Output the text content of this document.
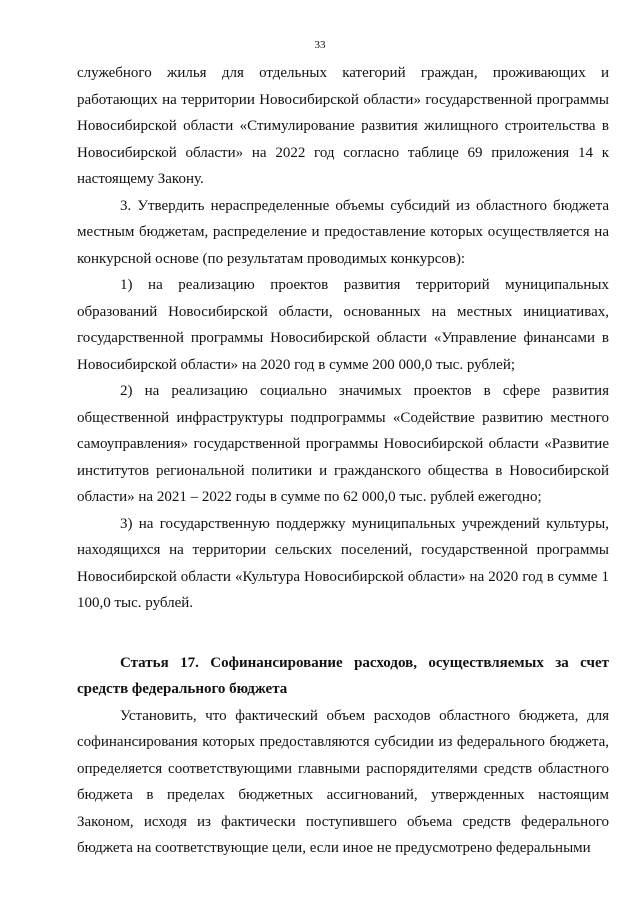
33

служебного жилья для отдельных категорий граждан, проживающих и работающих на территории Новосибирской области» государственной программы Новосибирской области «Стимулирование развития жилищного строительства в Новосибирской области» на 2022 год согласно таблице 69 приложения 14 к настоящему Закону.

3. Утвердить нераспределенные объемы субсидий из областного бюджета местным бюджетам, распределение и предоставление которых осуществляется на конкурсной основе (по результатам проводимых конкурсов):

1) на реализацию проектов развития территорий муниципальных образований Новосибирской области, основанных на местных инициативах, государственной программы Новосибирской области «Управление финансами в Новосибирской области» на 2020 год в сумме 200 000,0 тыс. рублей;

2) на реализацию социально значимых проектов в сфере развития общественной инфраструктуры подпрограммы «Содействие развитию местного самоуправления» государственной программы Новосибирской области «Развитие институтов региональной политики и гражданского общества в Новосибирской области» на 2021 – 2022 годы в сумме по 62 000,0 тыс. рублей ежегодно;

3) на государственную поддержку муниципальных учреждений культуры, находящихся на территории сельских поселений, государственной программы Новосибирской области «Культура Новосибирской области» на 2020 год в сумме 1 100,0 тыс. рублей.

Статья 17. Софинансирование расходов, осуществляемых за счет средств федерального бюджета

Установить, что фактический объем расходов областного бюджета, для софинансирования которых предоставляются субсидии из федерального бюджета, определяется соответствующими главными распорядителями средств областного бюджета в пределах бюджетных ассигнований, утвержденных настоящим Законом, исходя из фактически поступившего объема средств федерального бюджета на соответствующие цели, если иное не предусмотрено федеральными
